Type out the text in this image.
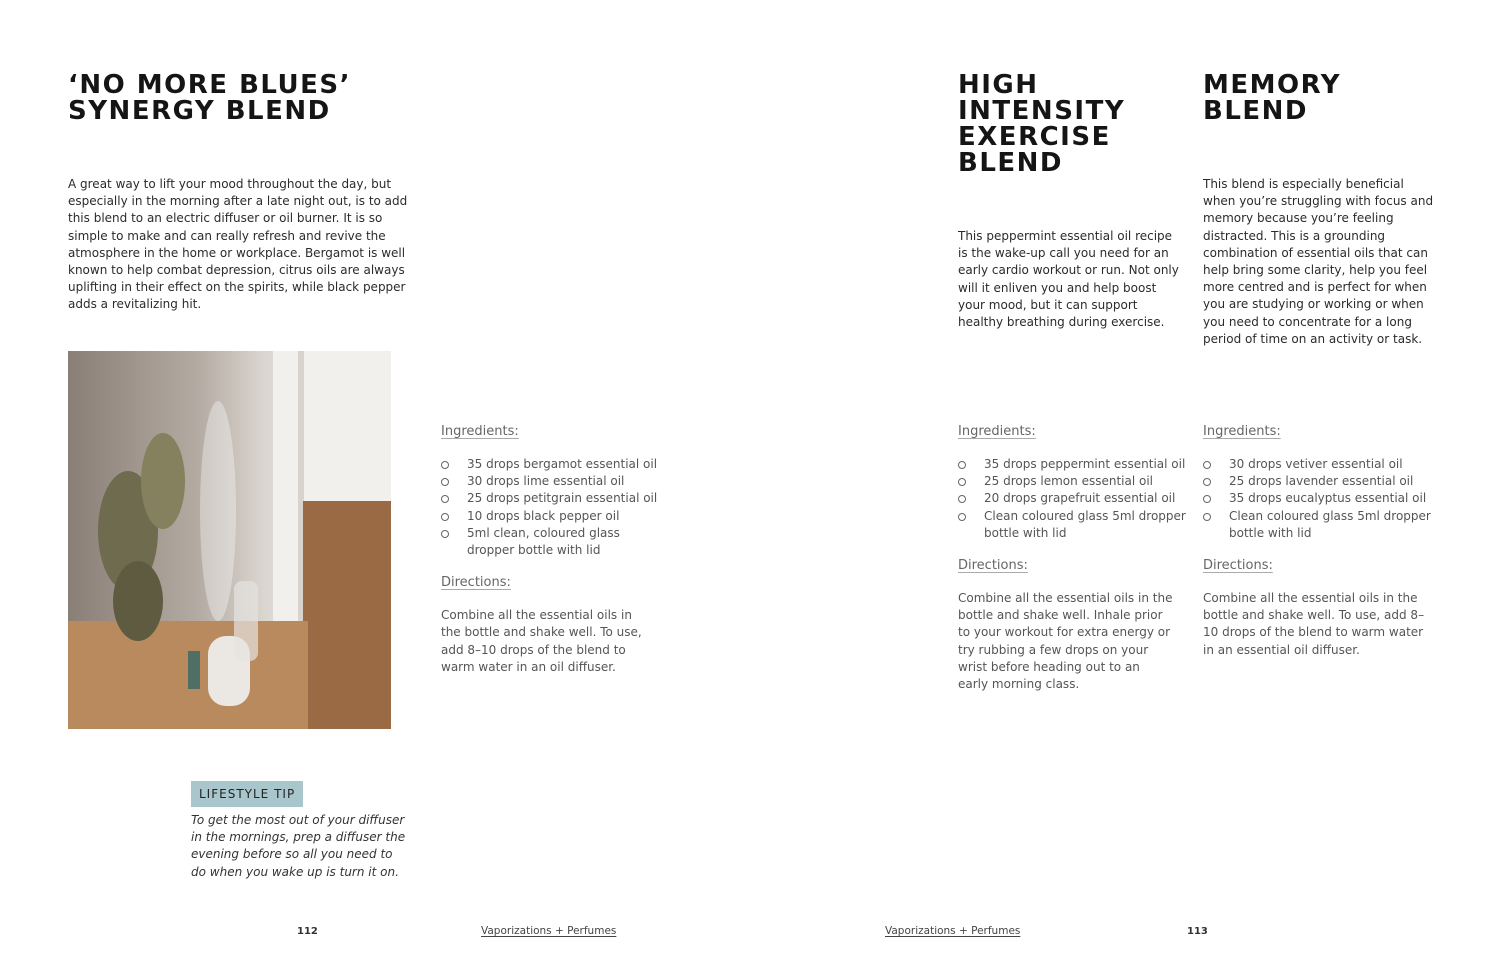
‘NO MORE BLUES’
SYNERGY BLEND
A great way to lift your mood throughout the day, but especially in the morning after a late night out, is to add this blend to an electric diffuser or oil burner. It is so simple to make and can really refresh and revive the atmosphere in the home or workplace. Bergamot is well known to help combat depression, citrus oils are always uplifting in their effect on the spirits, while black pepper adds a revitalizing hit.
Ingredients:
35 drops bergamot essential oil
30 drops lime essential oil
25 drops petitgrain essential oil
10 drops black pepper oil
5ml clean, coloured glass dropper bottle with lid
Directions:
Combine all the essential oils in the bottle and shake well. To use, add 8–10 drops of the blend to warm water in an oil diffuser.
LIFESTYLE TIP
To get the most out of your diffuser in the mornings, prep a diffuser the evening before so all you need to do when you wake up is turn it on.
112	Vaporizations + Perfumes
HIGH
INTENSITY
EXERCISE
BLEND
This peppermint essential oil recipe is the wake-up call you need for an early cardio workout or run. Not only will it enliven you and help boost your mood, but it can support healthy breathing during exercise.
Ingredients:
35 drops peppermint essential oil
25 drops lemon essential oil
20 drops grapefruit essential oil
Clean coloured glass 5ml dropper bottle with lid
Directions:
Combine all the essential oils in the bottle and shake well. Inhale prior to your workout for extra energy or try rubbing a few drops on your wrist before heading out to an early morning class.
MEMORY
BLEND
This blend is especially beneficial when you’re struggling with focus and memory because you’re feeling distracted. This is a grounding combination of essential oils that can help bring some clarity, help you feel more centred and is perfect for when you are studying or working or when you need to concentrate for a long period of time on an activity or task.
Ingredients:
30 drops vetiver essential oil
25 drops lavender essential oil
35 drops eucalyptus essential oil
Clean coloured glass 5ml dropper bottle with lid
Directions:
Combine all the essential oils in the bottle and shake well. To use, add 8–10 drops of the blend to warm water in an essential oil diffuser.
Vaporizations + Perfumes	113
